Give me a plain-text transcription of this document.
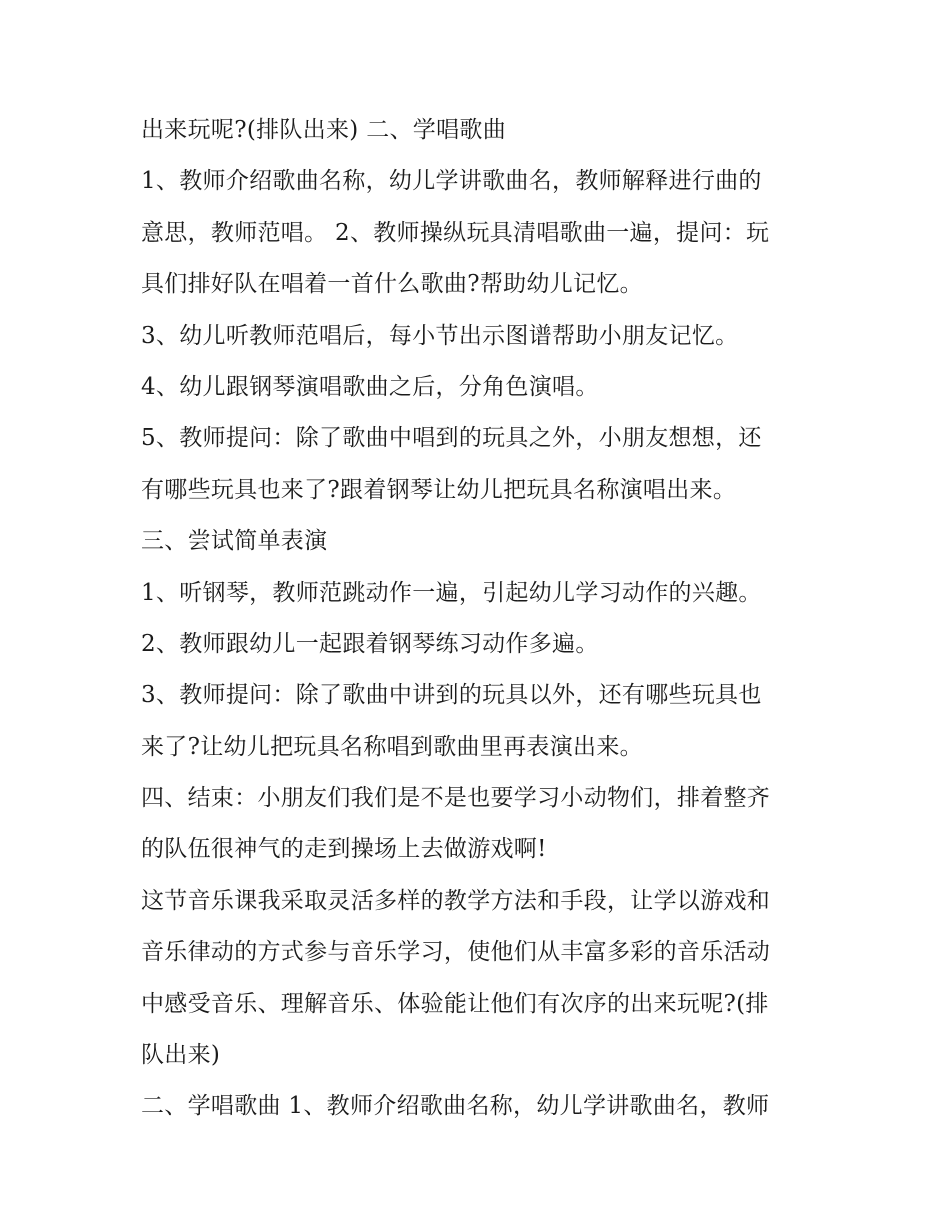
出来玩呢?(排队出来) 二、学唱歌曲
1、教师介绍歌曲名称，幼儿学讲歌曲名，教师解释进行曲的
意思，教师范唱。 2、教师操纵玩具清唱歌曲一遍，提问：玩
具们排好队在唱着一首什么歌曲?帮助幼儿记忆。
3、幼儿听教师范唱后，每小节出示图谱帮助小朋友记忆。
4、幼儿跟钢琴演唱歌曲之后，分角色演唱。
5、教师提问：除了歌曲中唱到的玩具之外，小朋友想想，还
有哪些玩具也来了?跟着钢琴让幼儿把玩具名称演唱出来。
三、尝试简单表演
1、听钢琴，教师范跳动作一遍，引起幼儿学习动作的兴趣。
2、教师跟幼儿一起跟着钢琴练习动作多遍。
3、教师提问：除了歌曲中讲到的玩具以外，还有哪些玩具也
来了?让幼儿把玩具名称唱到歌曲里再表演出来。
四、结束：小朋友们我们是不是也要学习小动物们，排着整齐
的队伍很神气的走到操场上去做游戏啊!
这节音乐课我采取灵活多样的教学方法和手段，让学以游戏和
音乐律动的方式参与音乐学习，使他们从丰富多彩的音乐活动
中感受音乐、理解音乐、体验能让他们有次序的出来玩呢?(排
队出来)
二、学唱歌曲 1、教师介绍歌曲名称，幼儿学讲歌曲名，教师
